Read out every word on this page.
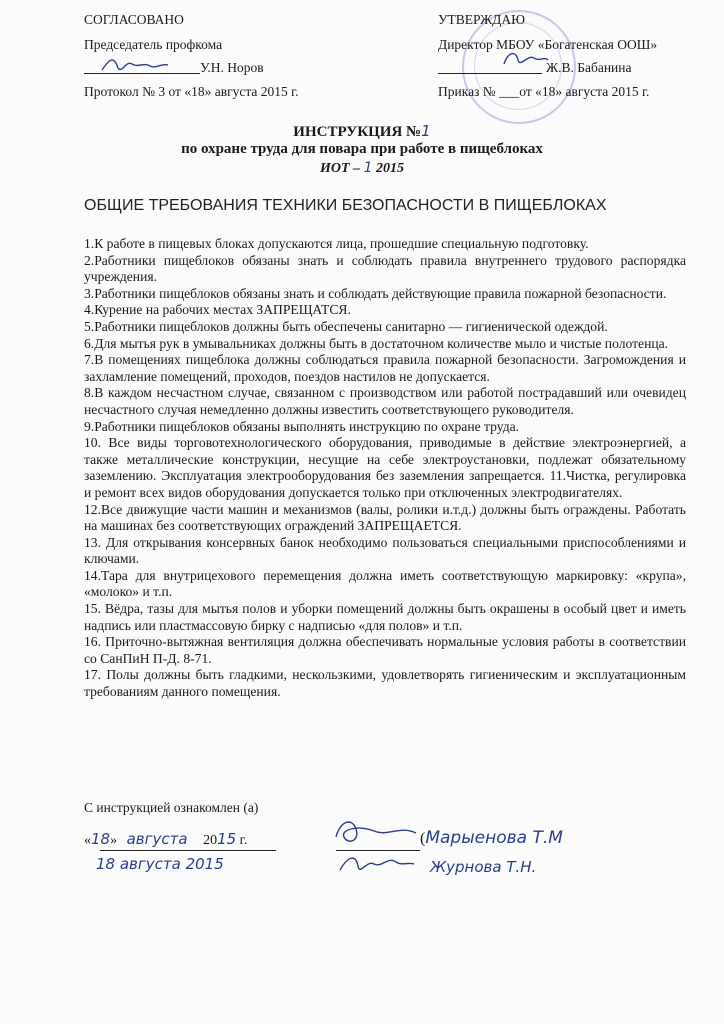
СОГЛАСОВАНО
Председатель профкома
У.Н. Норов
Протокол № 3 от «18» августа 2015 г.
УТВЕРЖДАЮ
Директор МБОУ «Богатенская ООШ»
Ж.В. Бабанина
Приказ № ___от «18» августа 2015 г.
ИНСТРУКЦИЯ №1
по охране труда для повара при работе в пищеблоках
ИОТ – 1 2015
ОБЩИЕ ТРЕБОВАНИЯ ТЕХНИКИ БЕЗОПАСНОСТИ В ПИЩЕБЛОКАХ

1.К работе в пищевых блоках допускаются лица, прошедшие специальную подготовку.

2.Работники пищеблоков обязаны знать и соблюдать правила внутреннего трудового распорядка учреждения.

3.Работники пищеблоков обязаны знать и соблюдать действующие правила пожарной безопасности.

4.Курение на рабочих местах ЗАПРЕЩАТСЯ.

5.Работники пищеблоков должны быть обеспечены санитарно — гигиенической одеждой.

6.Для мытья рук в умывальниках должны быть в достаточном количестве мыло и чистые полотенца.

7.В помещениях пищеблока должны соблюдаться правила пожарной безопасности. Загромождения и захламление помещений, проходов, поездов настилов не допускается.

8.В каждом несчастном случае, связанном с производством или работой пострадавший или очевидец несчастного случая немедленно должны известить соответствующего руководителя.

9.Работники пищеблоков обязаны выполнять инструкцию по охране труда.

10. Все виды торговотехнологического оборудования, приводимые в действие электроэнергией, а также металлические конструкции, несущие на себе электроустановки, подлежат обязательному заземлению. Эксплуатация электрооборудования без заземления запрещается. 11.Чистка, регулировка и ремонт всех видов оборудования допускается только при отключенных электродвигателях.

12.Все движущие части машин и механизмов (валы, ролики и.т.д.) должны быть ограждены. Работать на машинах без соответствующих ограждений ЗАПРЕЩАЕТСЯ.

13. Для открывания консервных банок необходимо пользоваться специальными приспособлениями и ключами.

14.Тара для внутрицехового перемещения должна иметь соответствующую маркировку: «крупа», «молоко» и т.п.

15. Вёдра, тазы для мытья полов и уборки помещений должны быть окрашены в особый цвет и иметь надпись или пластмассовую бирку с надписью «для полов» и т.п.

16. Приточно-вытяжная вентиляция должна обеспечивать нормальные условия работы в соответствии со СанПиН П-Д. 8-71.

17. Полы должны быть гладкими, нескользкими, удовлетворять гигиеническим и эксплуатационным требованиям данного помещения.

С инструкцией ознакомлен (а)
«18» августа 2015 г.	(Марыенова Т.М
18 августа 2015	Журнова Т.Н.
